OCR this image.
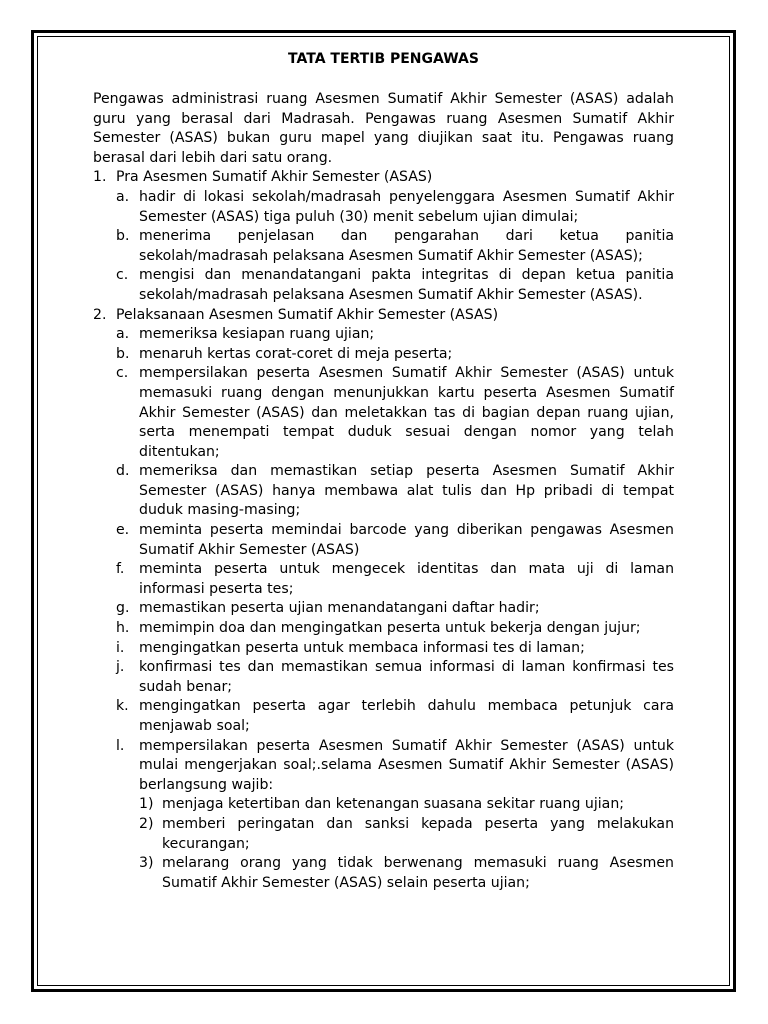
TATA TERTIB PENGAWAS

Pengawas administrasi ruang Asesmen Sumatif Akhir Semester (ASAS) adalah guru yang berasal dari Madrasah. Pengawas ruang Asesmen Sumatif Akhir Semester (ASAS) bukan guru mapel yang diujikan saat itu. Pengawas ruang berasal dari lebih dari satu orang.

1. Pra Asesmen Sumatif Akhir Semester (ASAS)
a. hadir di lokasi sekolah/madrasah penyelenggara Asesmen Sumatif Akhir Semester (ASAS) tiga puluh (30) menit sebelum ujian dimulai;
b. menerima penjelasan dan pengarahan dari ketua panitia sekolah/madrasah pelaksana Asesmen Sumatif Akhir Semester (ASAS);
c. mengisi dan menandatangani pakta integritas di depan ketua panitia sekolah/madrasah pelaksana Asesmen Sumatif Akhir Semester (ASAS).
2. Pelaksanaan Asesmen Sumatif Akhir Semester (ASAS)
a. memeriksa kesiapan ruang ujian;
b. menaruh kertas corat-coret di meja peserta;
c. mempersilakan peserta Asesmen Sumatif Akhir Semester (ASAS) untuk memasuki ruang dengan menunjukkan kartu peserta Asesmen Sumatif Akhir Semester (ASAS) dan meletakkan tas di bagian depan ruang ujian, serta menempati tempat duduk sesuai dengan nomor yang telah ditentukan;
d. memeriksa dan memastikan setiap peserta Asesmen Sumatif Akhir Semester (ASAS) hanya membawa alat tulis dan Hp pribadi di tempat duduk masing-masing;
e. meminta peserta memindai barcode yang diberikan pengawas Asesmen Sumatif Akhir Semester (ASAS)
f.	meminta peserta untuk mengecek identitas dan mata uji di laman informasi peserta tes;
g. memastikan peserta ujian menandatangani daftar hadir;
h. memimpin doa dan mengingatkan peserta untuk bekerja dengan jujur;
i.	mengingatkan peserta untuk membaca informasi tes di laman;
j.	konfirmasi tes dan memastikan semua informasi di laman konfirmasi tes sudah benar;
k. mengingatkan peserta agar terlebih dahulu membaca petunjuk cara menjawab soal;
l.	mempersilakan peserta Asesmen Sumatif Akhir Semester (ASAS) untuk mulai mengerjakan soal;.selama Asesmen Sumatif Akhir Semester (ASAS) berlangsung wajib:
1) menjaga ketertiban dan ketenangan suasana sekitar ruang ujian;
2) memberi peringatan dan sanksi kepada peserta yang melakukan kecurangan;
3) melarang orang yang tidak berwenang memasuki ruang Asesmen Sumatif Akhir Semester (ASAS) selain peserta ujian;
